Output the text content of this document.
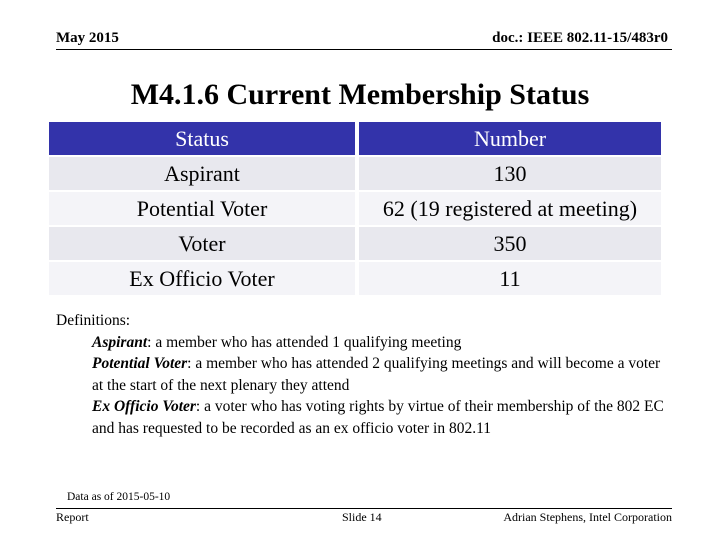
May 2015	doc.: IEEE 802.11-15/483r0
M4.1.6 Current Membership Status
Status	Number
Aspirant	130
Potential Voter	62 (19 registered at meeting)
Voter	350
Ex Officio Voter	11
Definitions:
Aspirant: a member who has attended 1 qualifying meeting
Potential Voter: a member who has attended 2 qualifying meetings and will become a voter at the start of the next plenary they attend
Ex Officio Voter: a voter who has voting rights by virtue of their membership of the 802 EC and has requested to be recorded as an ex officio voter in 802.11
Data as of 2015-05-10
Report	Slide 14	Adrian Stephens, Intel Corporation
